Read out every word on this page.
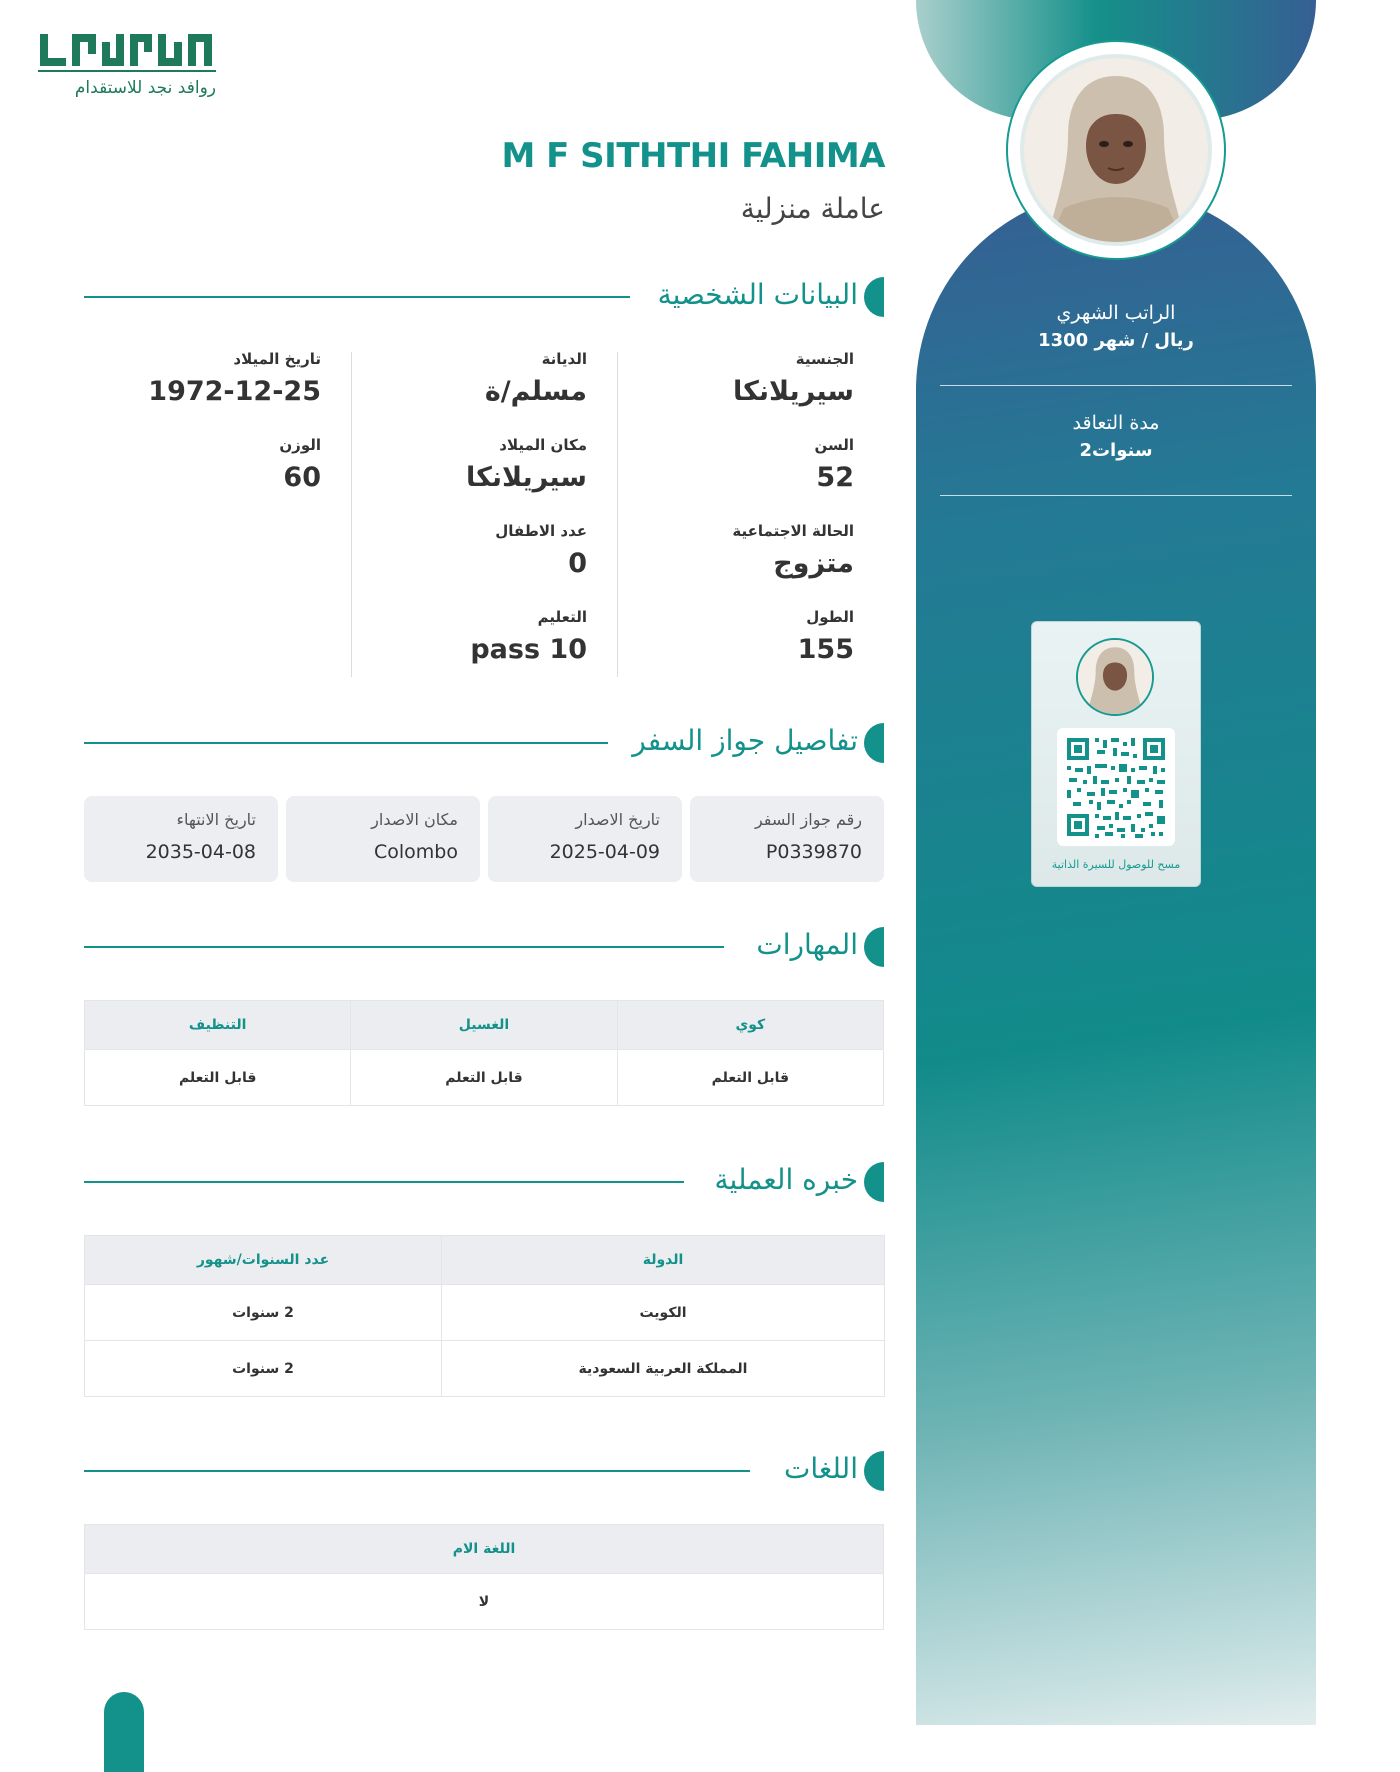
الراتب الشهري
1300 ريال / شهر
مدة التعاقد
2سنوات
مسح للوصول للسيرة الذاتية
روافد نجد للاستقدام
M F SITHTHI FAHIMA
عاملة منزلية
البيانات الشخصية
الجنسية
سيريلانكا
السن
52
الحالة الاجتماعية
متزوج
الطول
155
الديانة
مسلم/ة
مكان الميلاد
سيريلانكا
عدد الاطفال
0
التعليم
pass 10
تاريخ الميلاد
1972-12-25
الوزن
60
تفاصيل جواز السفر
رقم جواز السفر
P0339870
تاريخ الاصدار
2025-04-09
مكان الاصدار
Colombo
تاريخ الانتهاء
2035-04-08
المهارات
كوي	الغسيل	التنظيف
قابل التعلم	قابل التعلم	قابل التعلم
خبره العملية
الدولة	عدد السنوات/شهور
الكويت	2 سنوات
المملكة العربية السعودية	2 سنوات
اللغات
اللغة الام
لا
